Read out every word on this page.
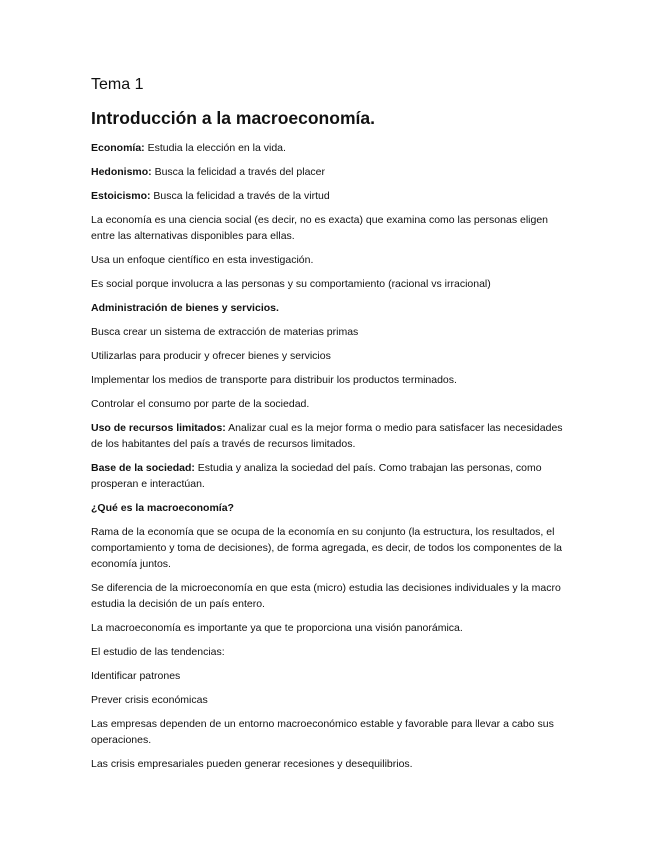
Tema 1
Introducción a la macroeconomía.
Economía: Estudia la elección en la vida.
Hedonismo: Busca la felicidad a través del placer
Estoicismo: Busca la felicidad a través de la virtud
La economía es una ciencia social (es decir, no es exacta) que examina como las personas eligen entre las alternativas disponibles para ellas.
Usa un enfoque científico en esta investigación.
Es social porque involucra a las personas y su comportamiento (racional vs irracional)
Administración de bienes y servicios.
Busca crear un sistema de extracción de materias primas
Utilizarlas para producir y ofrecer bienes y servicios
Implementar los medios de transporte para distribuir los productos terminados.
Controlar el consumo por parte de la sociedad.
Uso de recursos limitados: Analizar cual es la mejor forma o medio para satisfacer las necesidades de los habitantes del país a través de recursos limitados.
Base de la sociedad: Estudia y analiza la sociedad del país. Como trabajan las personas, como prosperan e interactúan.
¿Qué es la macroeconomía?
Rama de la economía que se ocupa de la economía en su conjunto (la estructura, los resultados, el comportamiento y toma de decisiones), de forma agregada, es decir, de todos los componentes de la economía juntos.
Se diferencia de la microeconomía en que esta (micro) estudia las decisiones individuales y la macro estudia la decisión de un país entero.
La macroeconomía es importante ya que te proporciona una visión panorámica.
El estudio de las tendencias:
Identificar patrones
Prever crisis económicas
Las empresas dependen de un entorno macroeconómico estable y favorable para llevar a cabo sus operaciones.
Las crisis empresariales pueden generar recesiones y desequilibrios.
